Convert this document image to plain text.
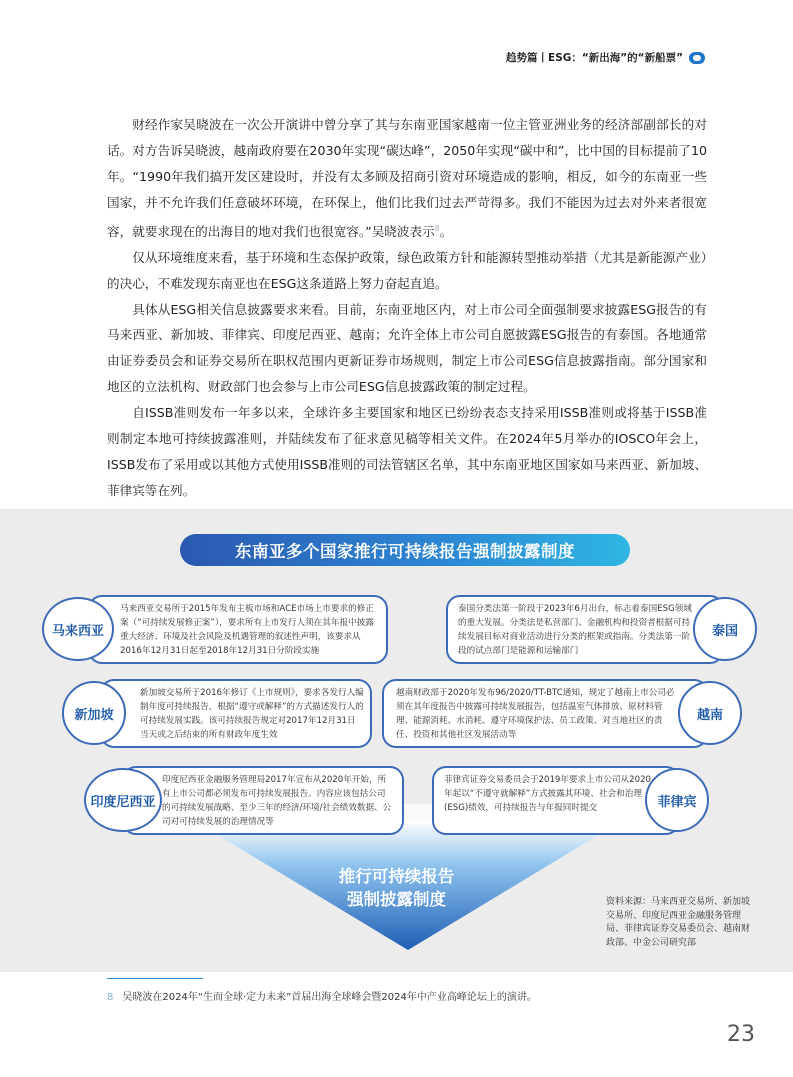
趋势篇丨ESG：“新出海”的“新船票”

财经作家吴晓波在一次公开演讲中曾分享了其与东南亚国家越南一位主管亚洲业务的经济部副部长的对话。对方告诉吴晓波，越南政府要在2030年实现“碳达峰”，2050年实现“碳中和”，比中国的目标提前了10年。“1990年我们搞开发区建设时，并没有太多顾及招商引资对环境造成的影响，相反，如今的东南亚一些国家，并不允许我们任意破坏环境，在环保上，他们比我们过去严苛得多。我们不能因为过去对外来者很宽容，就要求现在的出海目的地对我们也很宽容。”吴晓波表示$^8$。

仅从环境维度来看，基于环境和生态保护政策，绿色政策方针和能源转型推动举措（尤其是新能源产业）的决心，不难发现东南亚也在ESG这条道路上努力奋起直追。

具体从ESG相关信息披露要求来看。目前，东南亚地区内，对上市公司全面强制要求披露ESG报告的有马来西亚、新加坡、菲律宾、印度尼西亚、越南；允许全体上市公司自愿披露ESG报告的有泰国。各地通常由证券委员会和证券交易所在职权范围内更新证券市场规则，制定上市公司ESG信息披露指南。部分国家和地区的立法机构、财政部门也会参与上市公司ESG信息披露政策的制定过程。

自ISSB准则发布一年多以来，全球许多主要国家和地区已纷纷表态支持采用ISSB准则或将基于ISSB准则制定本地可持续披露准则，并陆续发布了征求意见稿等相关文件。在2024年5月举办的IOSCO年会上，ISSB发布了采用或以其他方式使用ISSB准则的司法管辖区名单，其中东南亚地区国家如马来西亚、新加坡、菲律宾等在列。

东南亚多个国家推行可持续报告强制披露制度
马来西亚交易所于2015年发布主板市场和ACE市场上市要求的修正案（“可持续发展修正案”），要求所有上市发行人须在其年报中披露重大经济、环境及社会风险及机遇管理的叙述性声明，该要求从2016年12月31日起至2018年12月31日分阶段实施
马来西亚
泰国分类法第一阶段于2023年6月出台，标志着泰国ESG领域的重大发展。分类法是私营部门、金融机构和投资者根据可持续发展目标对商业活动进行分类的框架或指南。分类法第一阶段的试点部门是能源和运输部门
泰国
新加坡交易所于2016年修订《上市规则》，要求各发行人编制年度可持续报告，根据“遵守或解释”的方式描述发行人的可持续发展实践。该可持续报告规定对2017年12月31日当天或之后结束的所有财政年度生效
新加坡
越南财政部于2020年发布96/2020/TT-BTC通知，规定了越南上市公司必须在其年度报告中披露可持续发展报告，包括温室气体排放、原材料管理、能源消耗、水消耗、遵守环境保护法、员工政策、对当地社区的责任、投资和其他社区发展活动等
越南
印度尼西亚金融服务管理局2017年宣布从2020年开始，所有上市公司都必须发布可持续发展报告。内容应该包括公司的可持续发展战略、至少三年的经济/环境/社会绩效数据、公司对可持续发展的治理情况等
印度尼西亚
菲律宾证券交易委员会于2019年要求上市公司从2020年起以“不遵守就解释”方式披露其环境、社会和治理(ESG)绩效，可持续报告与年报同时提交	菲律宾
推行可持续报告
强制披露制度	资料来源：马来西亚交易所、新加坡交易所、印度尼西亚金融服务管理局、菲律宾证券交易委员会、越南财政部、中金公司研究部
8 吴晓波在2024年“生而全球·定力未来”首届出海全球峰会暨2024年中产业高峰论坛上的演讲。
23
